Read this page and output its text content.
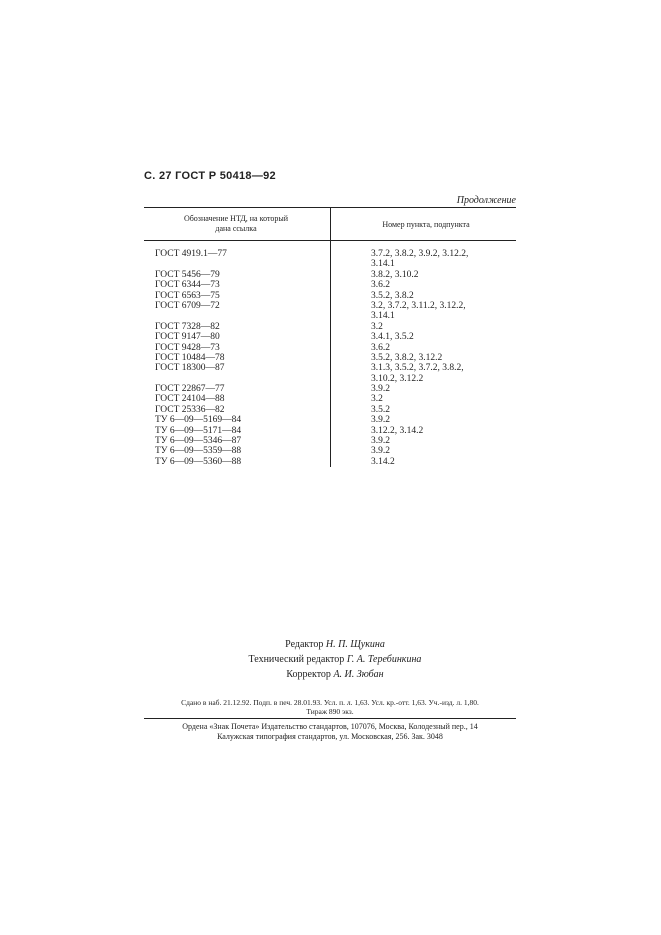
С. 27 ГОСТ Р 50418—92
Продолжение
Обозначение НТД, на который
дана ссылка	Номер пункта, подпункта
ГОСТ 4919.1—77
ГОСТ 5456—79
ГОСТ 6344—73
ГОСТ 6563—75
ГОСТ 6709—72
ГОСТ 7328—82
ГОСТ 9147—80
ГОСТ 9428—73
ГОСТ 10484—78
ГОСТ 18300—87
ГОСТ 22867—77
ГОСТ 24104—88
ГОСТ 25336—82
ТУ 6—09—5169—84
ТУ 6—09—5171—84
ТУ 6—09—5346—87
ТУ 6—09—5359—88
ТУ 6—09—5360—88
3.7.2, 3.8.2, 3.9.2, 3.12.2,
3.14.1
3.8.2, 3.10.2
3.6.2
3.5.2, 3.8.2
3.2, 3.7.2, 3.11.2, 3.12.2,
3.14.1
3.2
3.4.1, 3.5.2
3.6.2
3.5.2, 3.8.2, 3.12.2
3.1.3, 3.5.2, 3.7.2, 3.8.2,
3.10.2, 3.12.2
3.9.2
3.2
3.5.2
3.9.2
3.12.2, 3.14.2
3.9.2
3.9.2
3.14.2
Редактор Н. П. Щукина
Технический редактор Г. А. Теребинкина
Корректор А. И. Зюбан
Сдано в наб. 21.12.92. Подп. в печ. 28.01.93. Усл. п. л. 1,63. Усл. кр.-отт. 1,63. Уч.-изд. л. 1,80.
Тираж 890 экз.
Ордена «Знак Почета» Издательство стандартов, 107076, Москва, Колодезный пер., 14
Калужская типография стандартов, ул. Московская, 256. Зак. 3048
